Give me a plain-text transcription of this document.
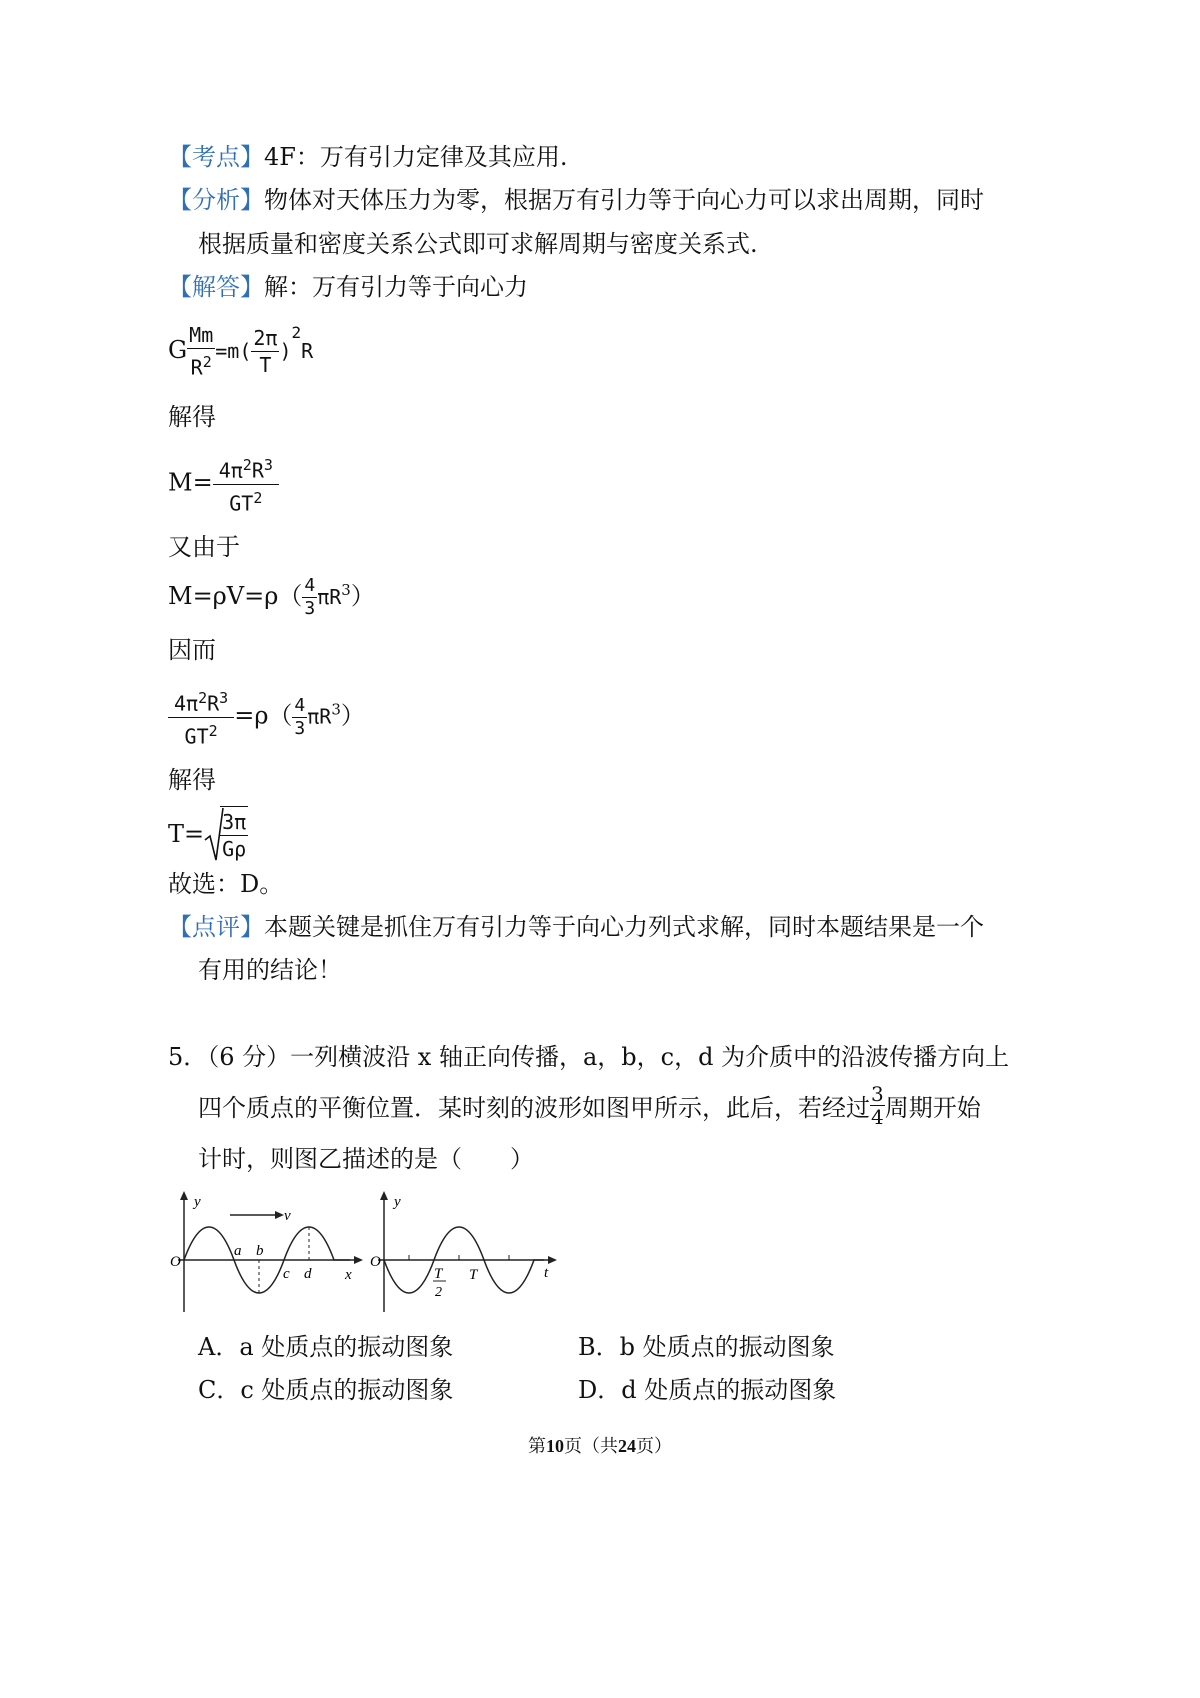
【考点】4F：万有引力定律及其应用.
【分析】物体对天体压力为零，根据万有引力等于向心力可以求出周期，同时
根据质量和密度关系公式即可求解周期与密度关系式.
【解答】解：万有引力等于向心力
G $\frac{Mm}{R^2} =m( \frac{2\pi}{T} )^2R$
解得
$M= \frac{4\pi^2R^3}{GT^2}$
又由于
$M=\rho V=\rho( \frac{4}{3} \pi R^3)$
因而
$\frac{4\pi^2R^3}{GT^2} =\rho( \frac{4}{3} \pi R^3)$
解得
$T= \frac{3\pi}{G\rho}$
故选：D。
【点评】本题关键是抓住万有引力等于向心力列式求解，同时本题结果是一个
有用的结论！
5．（6 分）一列横波沿 x 轴正向传播，a，b，c，d 为介质中的沿波传播方向上
四个质点的平衡位置．某时刻的波形如图甲所示，此后，若经过 $\frac{3}{4}$ 周期开始
计时，则图乙描述的是（　　）
y
v
O
a b
c d x
y
O
T
2
T	t
A．a 处质点的振动图象	B．b 处质点的振动图象
C．c 处质点的振动图象	D．d 处质点的振动图象
第10页（共24页）
